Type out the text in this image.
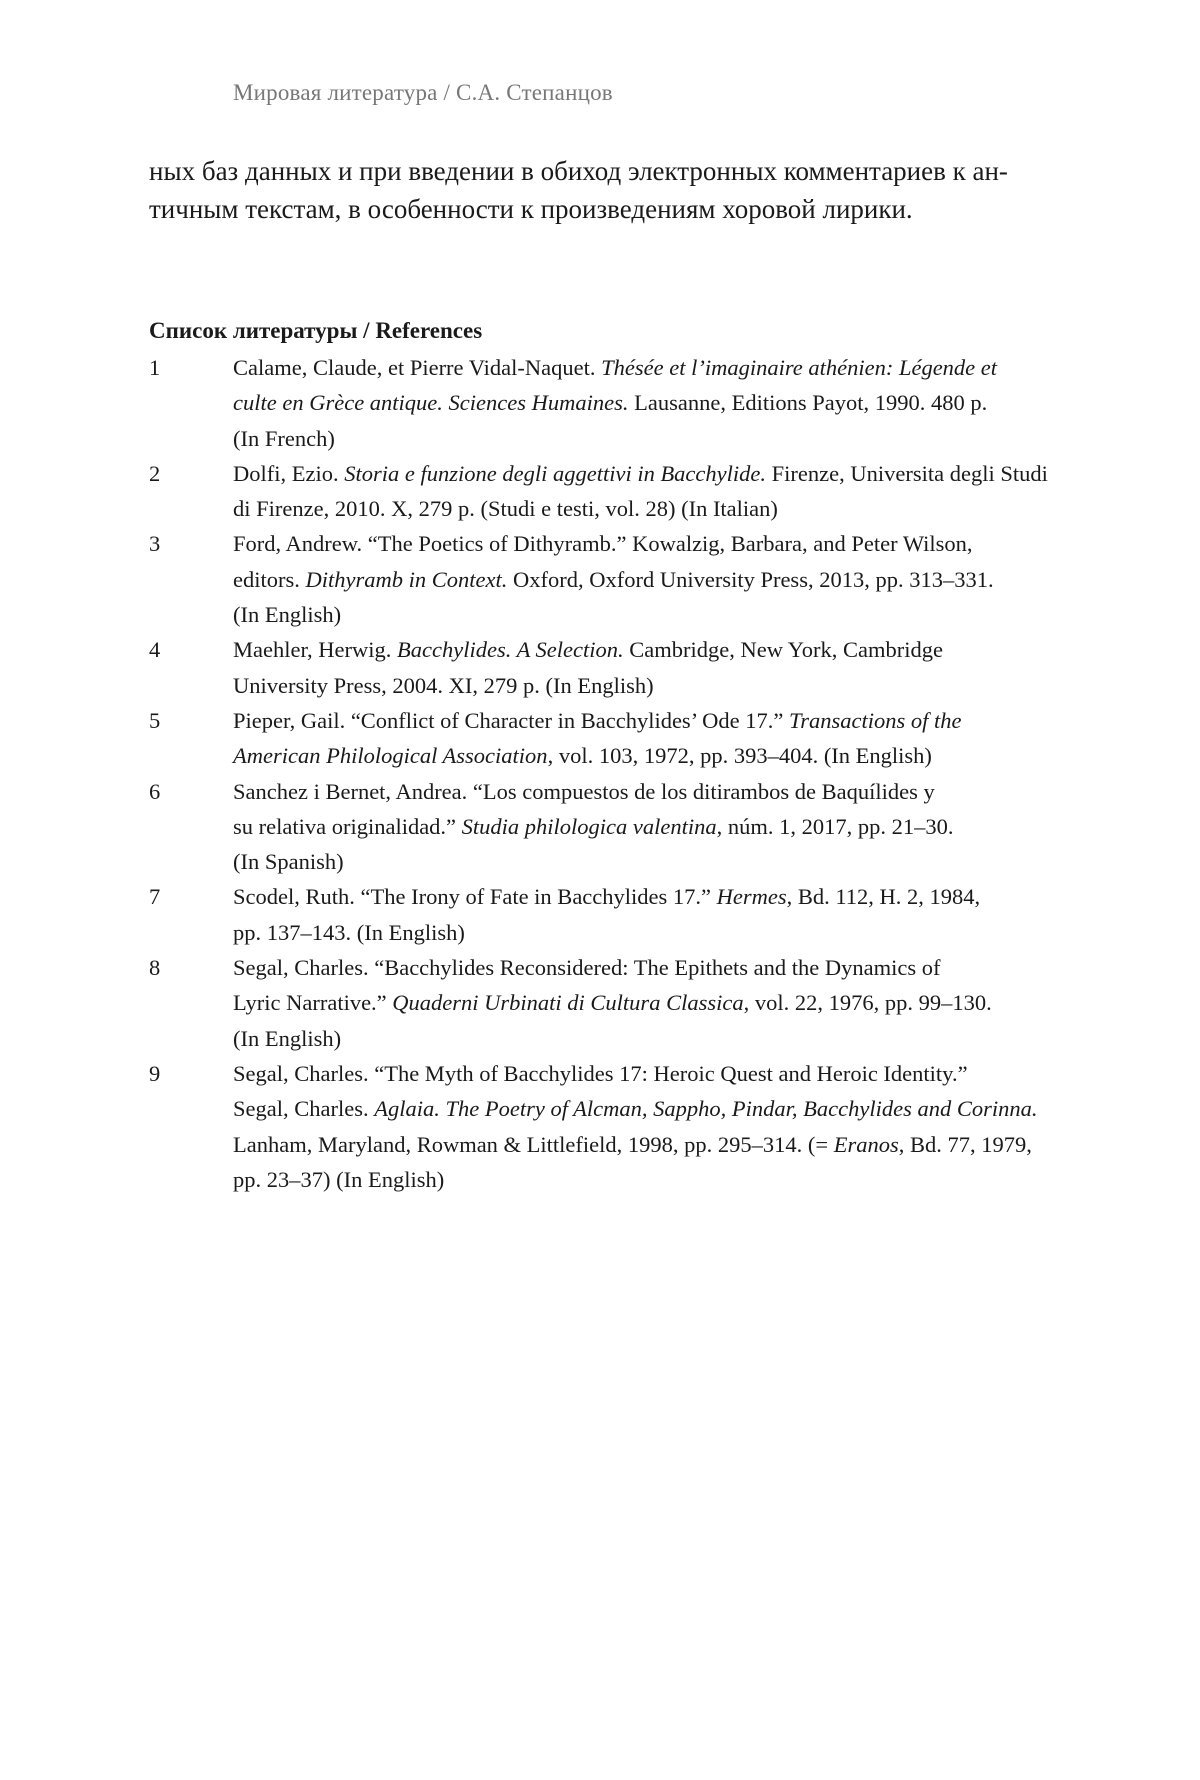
Мировая литература / С.А. Степанцов
ных баз данных и при введении в обиход электронных комментариев к ан-
тичным текстам, в особенности к произведениям хоровой лирики.
Список литературы / References
1	Calame, Claude, et Pierre Vidal-Naquet. Thésée et l’imaginaire athénien: Légende et
culte en Grèce antique. Sciences Humaines. Lausanne, Editions Payot, 1990. 480 p.
(In French)
2	Dolfi, Ezio. Storia e funzione degli aggettivi in Bacchylide. Firenze, Universita degli Studi
di Firenze, 2010. X, 279 p. (Studi e testi, vol. 28) (In Italian)
3	Ford, Andrew. “The Poetics of Dithyramb.” Kowalzig, Barbara, and Peter Wilson,
editors. Dithyramb in Context. Oxford, Oxford University Press, 2013, pp. 313–331.
(In English)
4	Maehler, Herwig. Bacchylides. A Selection. Cambridge, New York, Cambridge
University Press, 2004. XI, 279 p. (In English)
5	Pieper, Gail. “Conflict of Character in Bacchylides’ Ode 17.” Transactions of the
American Philological Association, vol. 103, 1972, pp. 393–404. (In English)
6	Sanchez i Bernet, Andrea. “Los compuestos de los ditirambos de Baquílides y
su relativa originalidad.” Studia philologica valentina, núm. 1, 2017, pp. 21–30.
(In Spanish)
7	Scodel, Ruth. “The Irony of Fate in Bacchylides 17.” Hermes, Bd. 112, H. 2, 1984,
pp. 137–143. (In English)
8	Segal, Charles. “Bacchylides Reconsidered: The Epithets and the Dynamics of
Lyric Narrative.” Quaderni Urbinati di Cultura Classica, vol. 22, 1976, pp. 99–130.
(In English)
9	Segal, Charles. “The Myth of Bacchylides 17: Heroic Quest and Heroic Identity.”
Segal, Charles. Aglaia. The Poetry of Alcman, Sappho, Pindar, Bacchylides and Corinna.
Lanham, Maryland, Rowman & Littlefield, 1998, pp. 295–314. (= Eranos, Bd. 77, 1979,
pp. 23–37) (In English)
